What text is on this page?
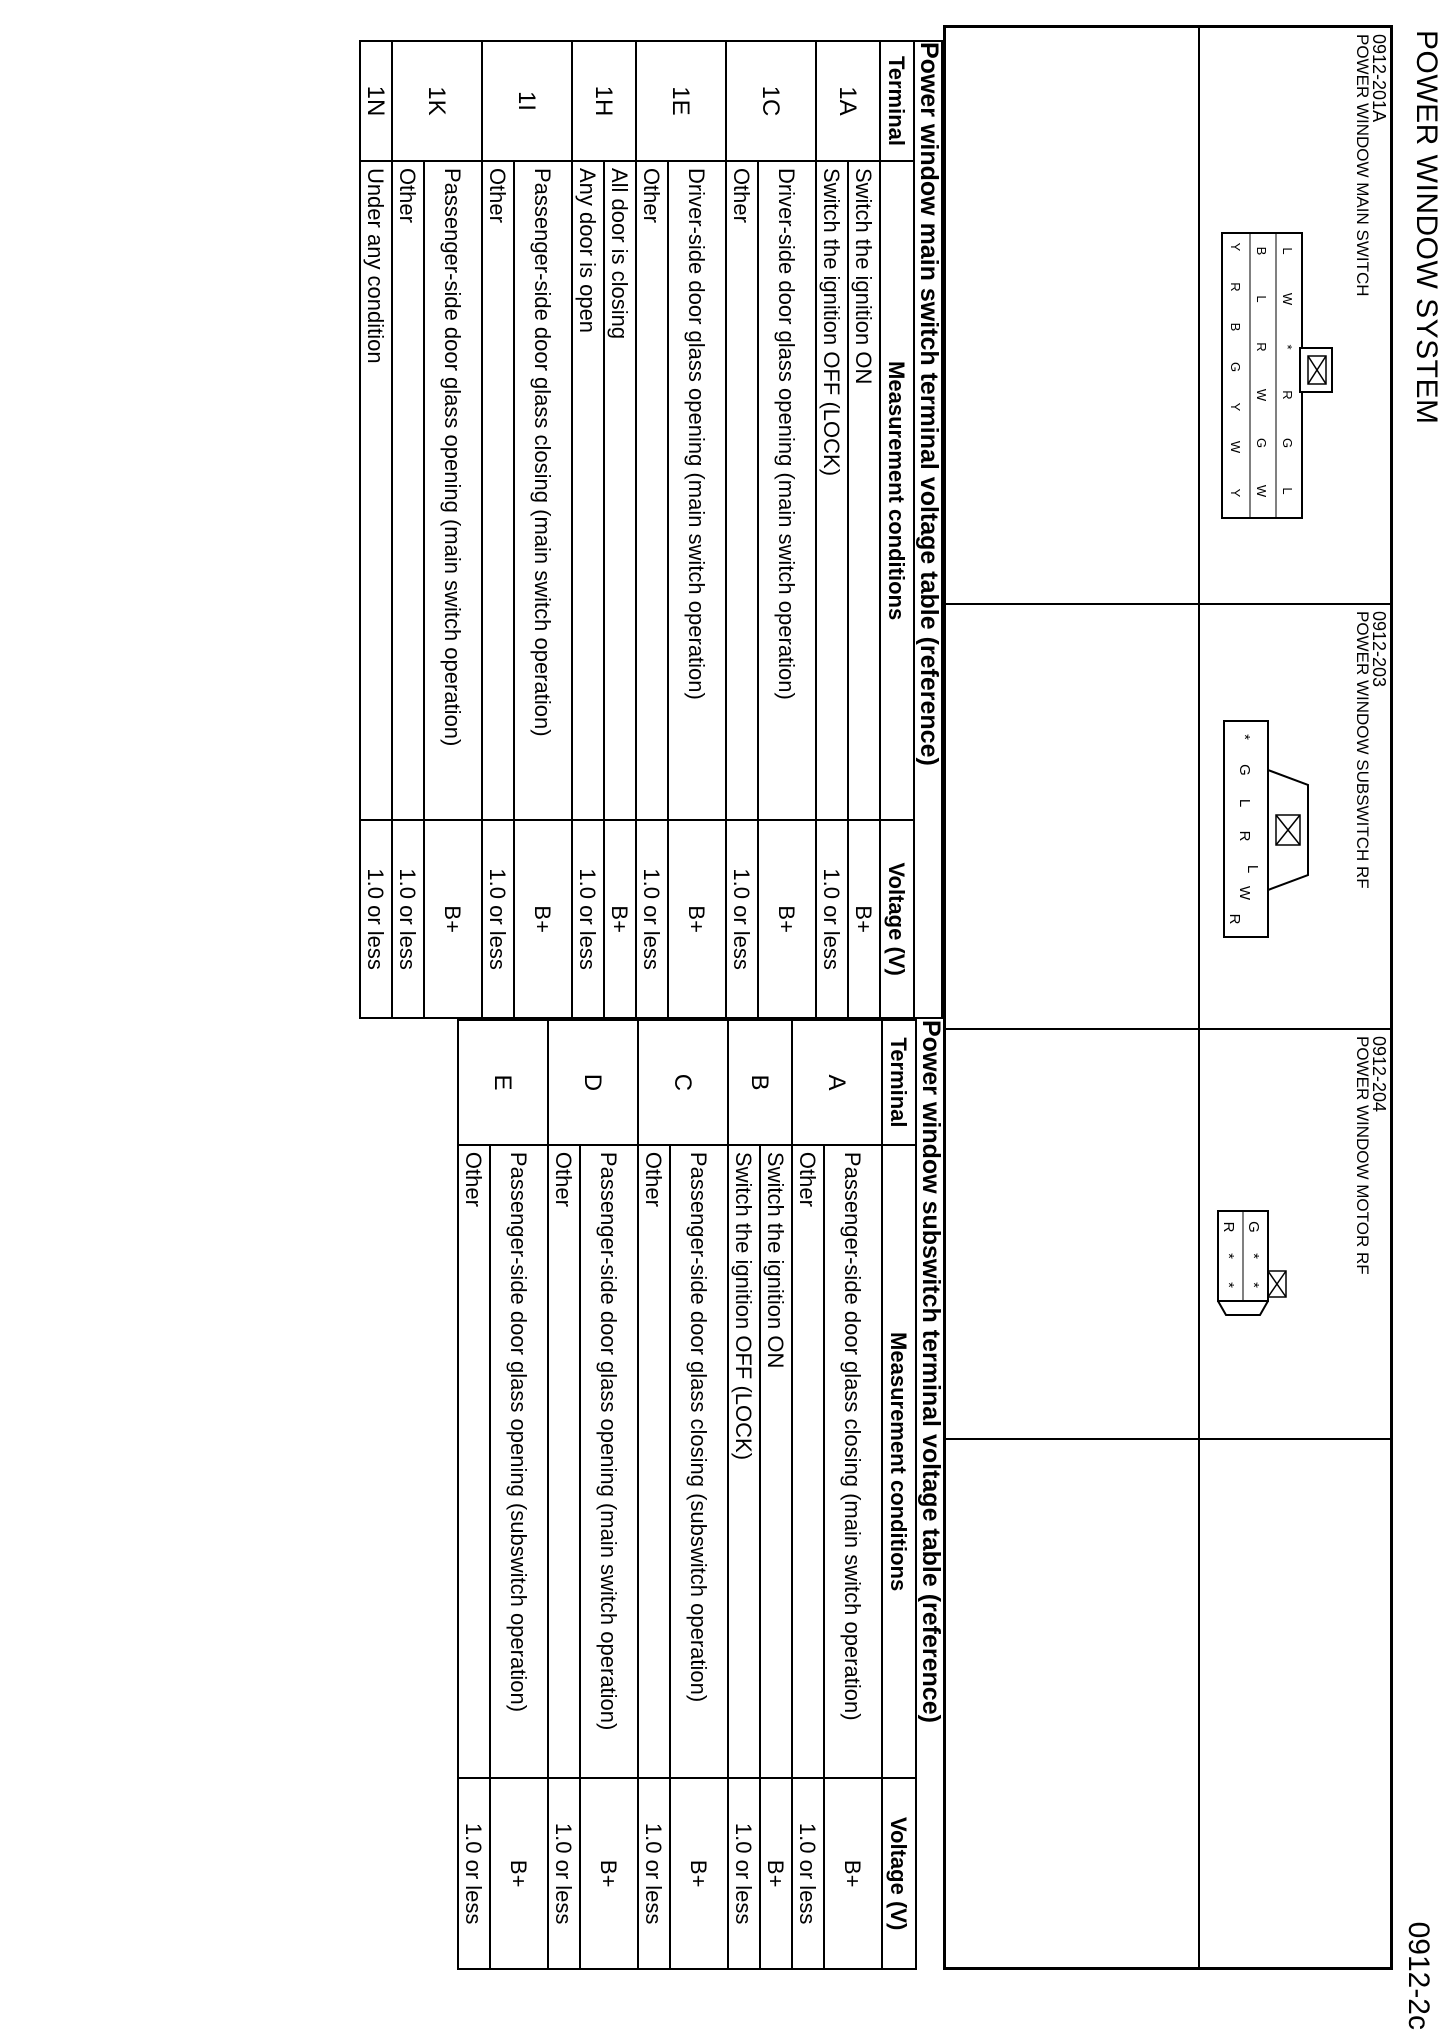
POWER WINDOW SYSTEM
0912-2c
0912-201A
POWER WINDOW MAIN SWITCH
L
W
*
R
G
L
B
L
R
W
G
W
Y
R
B
G
Y
W
Y
0912-203
POWER WINDOW SUBSWITCH RF
*
G
L
R
L
W
R
0912-204
POWER WINDOW MOTOR RF
G
*
*
R
*
*
Power window main switch terminal voltage table (reference)		
Terminal	Measurement conditions	Voltage (V)
1A	Switch the ignition ON	B+
	Switch the ignition OFF (LOCK)	1.0 or less
1C	Driver-side door glass opening (main switch operation)	B+
	Other	1.0 or less
1E	Driver-side door glass opening (main switch operation)	B+
	Other	1.0 or less
1H	All door is closing	B+
	Any door is open	1.0 or less
1I	Passenger-side door glass closing (main switch operation)	B+
	Other	1.0 or less
1K	Passenger-side door glass opening (main switch operation)	B+
	Other	1.0 or less
1N	Under any condition	1.0 or less
Power window subswitch terminal voltage table (reference)		
Terminal	Measurement conditions	Voltage (V)
A	Passenger-side door glass closing (main switch operation)	B+
	Other	1.0 or less
B	Switch the ignition ON	B+
	Switch the ignition OFF (LOCK)	1.0 or less
C	Passenger-side door glass closing (subswitch operation)	B+
	Other	1.0 or less
D	Passenger-side door glass opening (main switch operation)	B+
	Other	1.0 or less
E	Passenger-side door glass opening (subswitch operation)	B+
	Other	1.0 or less
